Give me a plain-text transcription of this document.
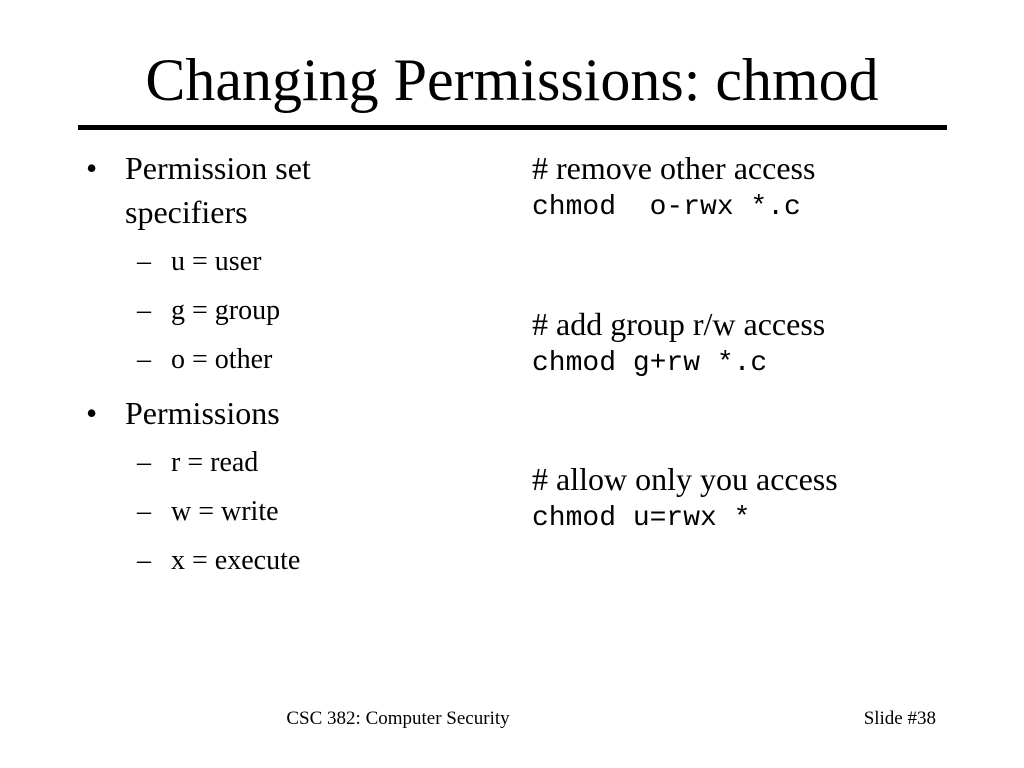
Changing Permissions: chmod
• Permission set
specifiers
– u = user
– g = group
– o = other
• Permissions
– r = read
– w = write
– x = execute
# remove other access
chmod  o-rwx *.c
# add group r/w access
chmod g+rw *.c
# allow only you access
chmod u=rwx *
CSC 382: Computer Security	Slide #38
